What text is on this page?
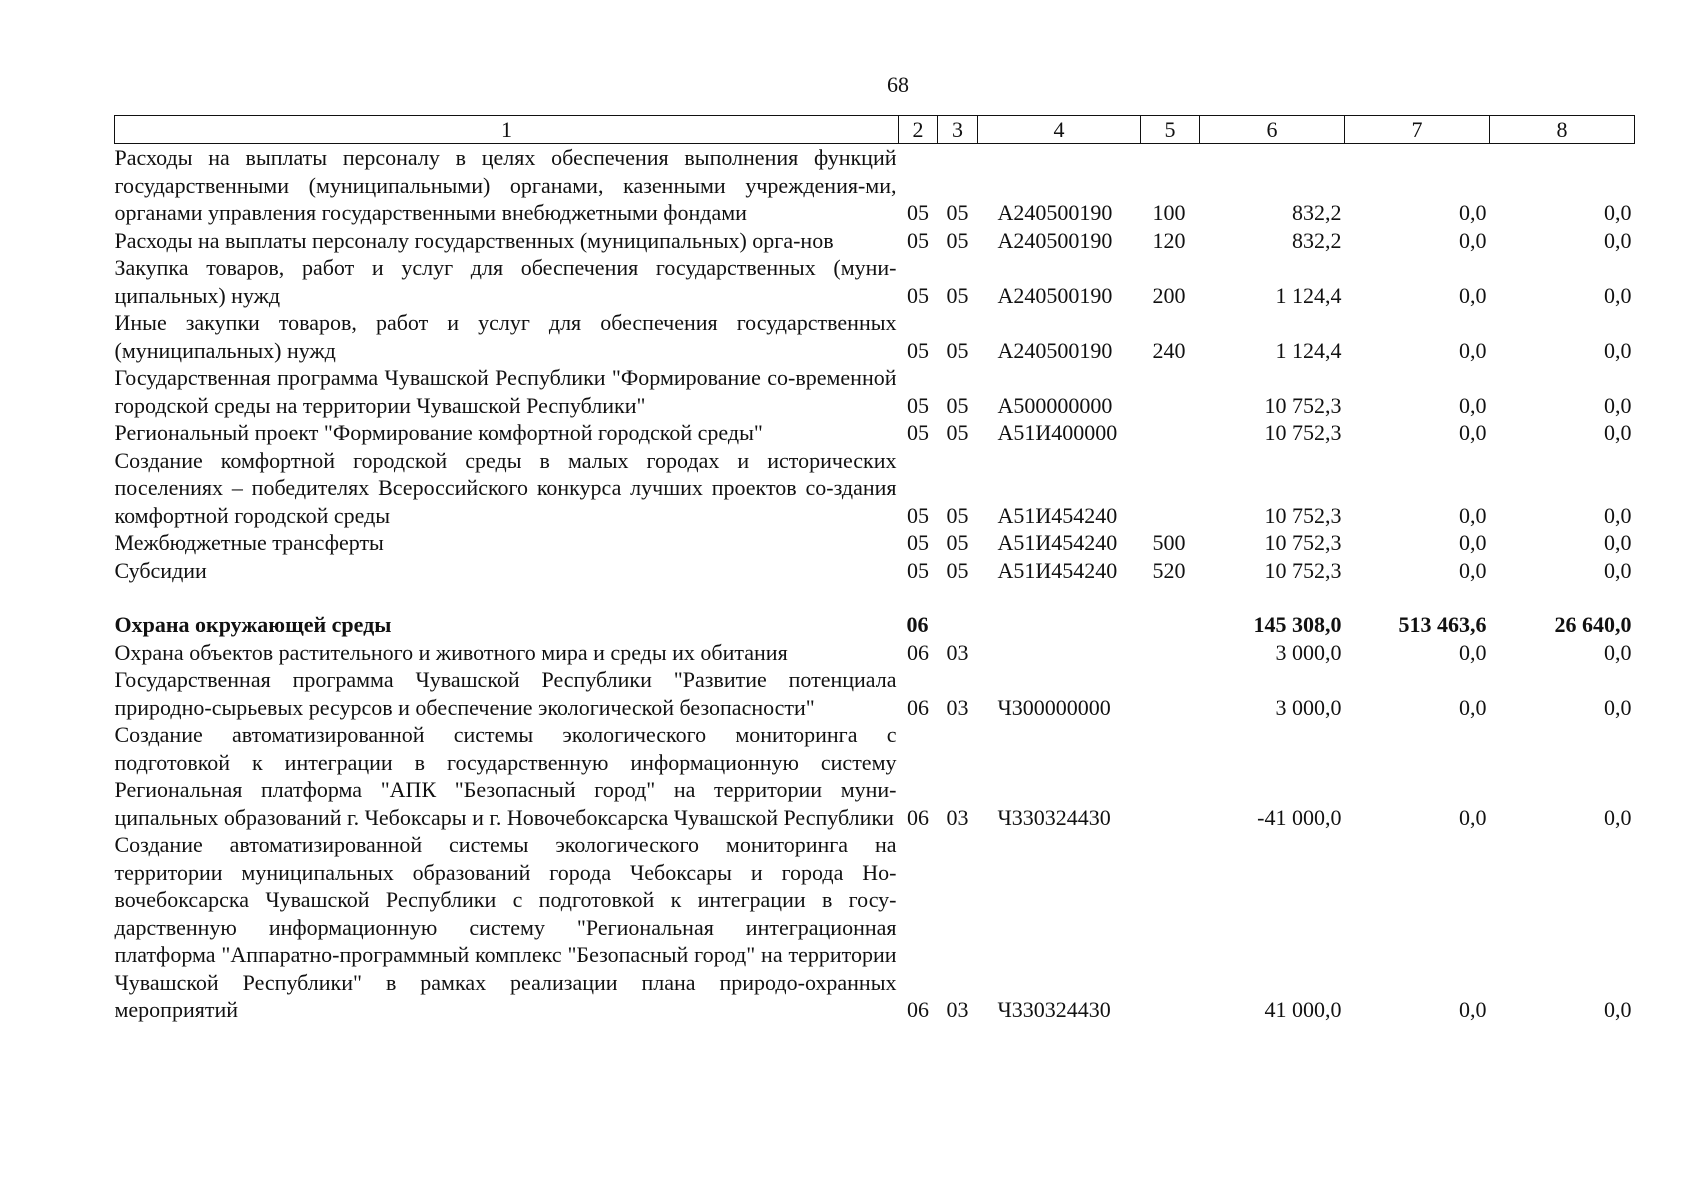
68
1	2	3	4	5	6	7	8
Расходы на выплаты персоналу в целях обеспечения выполнения функций государственными (муниципальными) органами, казенными учреждения-ми, органами управления государственными внебюджетными фондами	05	05	А240500190	100	832,2	0,0	0,0
Расходы на выплаты персоналу государственных (муниципальных) орга-нов	05	05	А240500190	120	832,2	0,0	0,0
Закупка товаров, работ и услуг для обеспечения государственных (муни-ципальных) нужд	05	05	А240500190	200	1 124,4	0,0	0,0
Иные закупки товаров, работ и услуг для обеспечения государственных (муниципальных) нужд	05	05	А240500190	240	1 124,4	0,0	0,0
Государственная программа Чувашской Республики "Формирование со-временной городской среды на территории Чувашской Республики"	05	05	А500000000		10 752,3	0,0	0,0
Региональный проект "Формирование комфортной городской среды"	05	05	А51И400000		10 752,3	0,0	0,0
Создание комфортной городской среды в малых городах и исторических поселениях – победителях Всероссийского конкурса лучших проектов со-здания комфортной городской среды	05	05	А51И454240		10 752,3	0,0	0,0
Межбюджетные трансферты	05	05	А51И454240	500	10 752,3	0,0	0,0
Субсидии	05	05	А51И454240	520	10 752,3	0,0	0,0

Охрана окружающей среды	06				145 308,0	513 463,6	26 640,0
Охрана объектов растительного и животного мира и среды их обитания	06	03			3 000,0	0,0	0,0
Государственная программа Чувашской Республики "Развитие потенциала природно-сырьевых ресурсов и обеспечение экологической безопасности"	06	03	Ч300000000		3 000,0	0,0	0,0
Создание автоматизированной системы экологического мониторинга с подготовкой к интеграции в государственную информационную систему Региональная платформа "АПК "Безопасный город" на территории муни-ципальных образований г. Чебоксары и г. Новочебоксарска Чувашской Республики	06	03	Ч330324430		-41 000,0	0,0	0,0
Создание автоматизированной системы экологического мониторинга на территории муниципальных образований города Чебоксары и города Но-вочебоксарска Чувашской Республики с подготовкой к интеграции в госу-дарственную информационную систему "Региональная интеграционная платформа "Аппаратно-программный комплекс "Безопасный город" на территории Чувашской Республики" в рамках реализации плана природо-охранных мероприятий	06	03	Ч330324430		41 000,0	0,0	0,0
